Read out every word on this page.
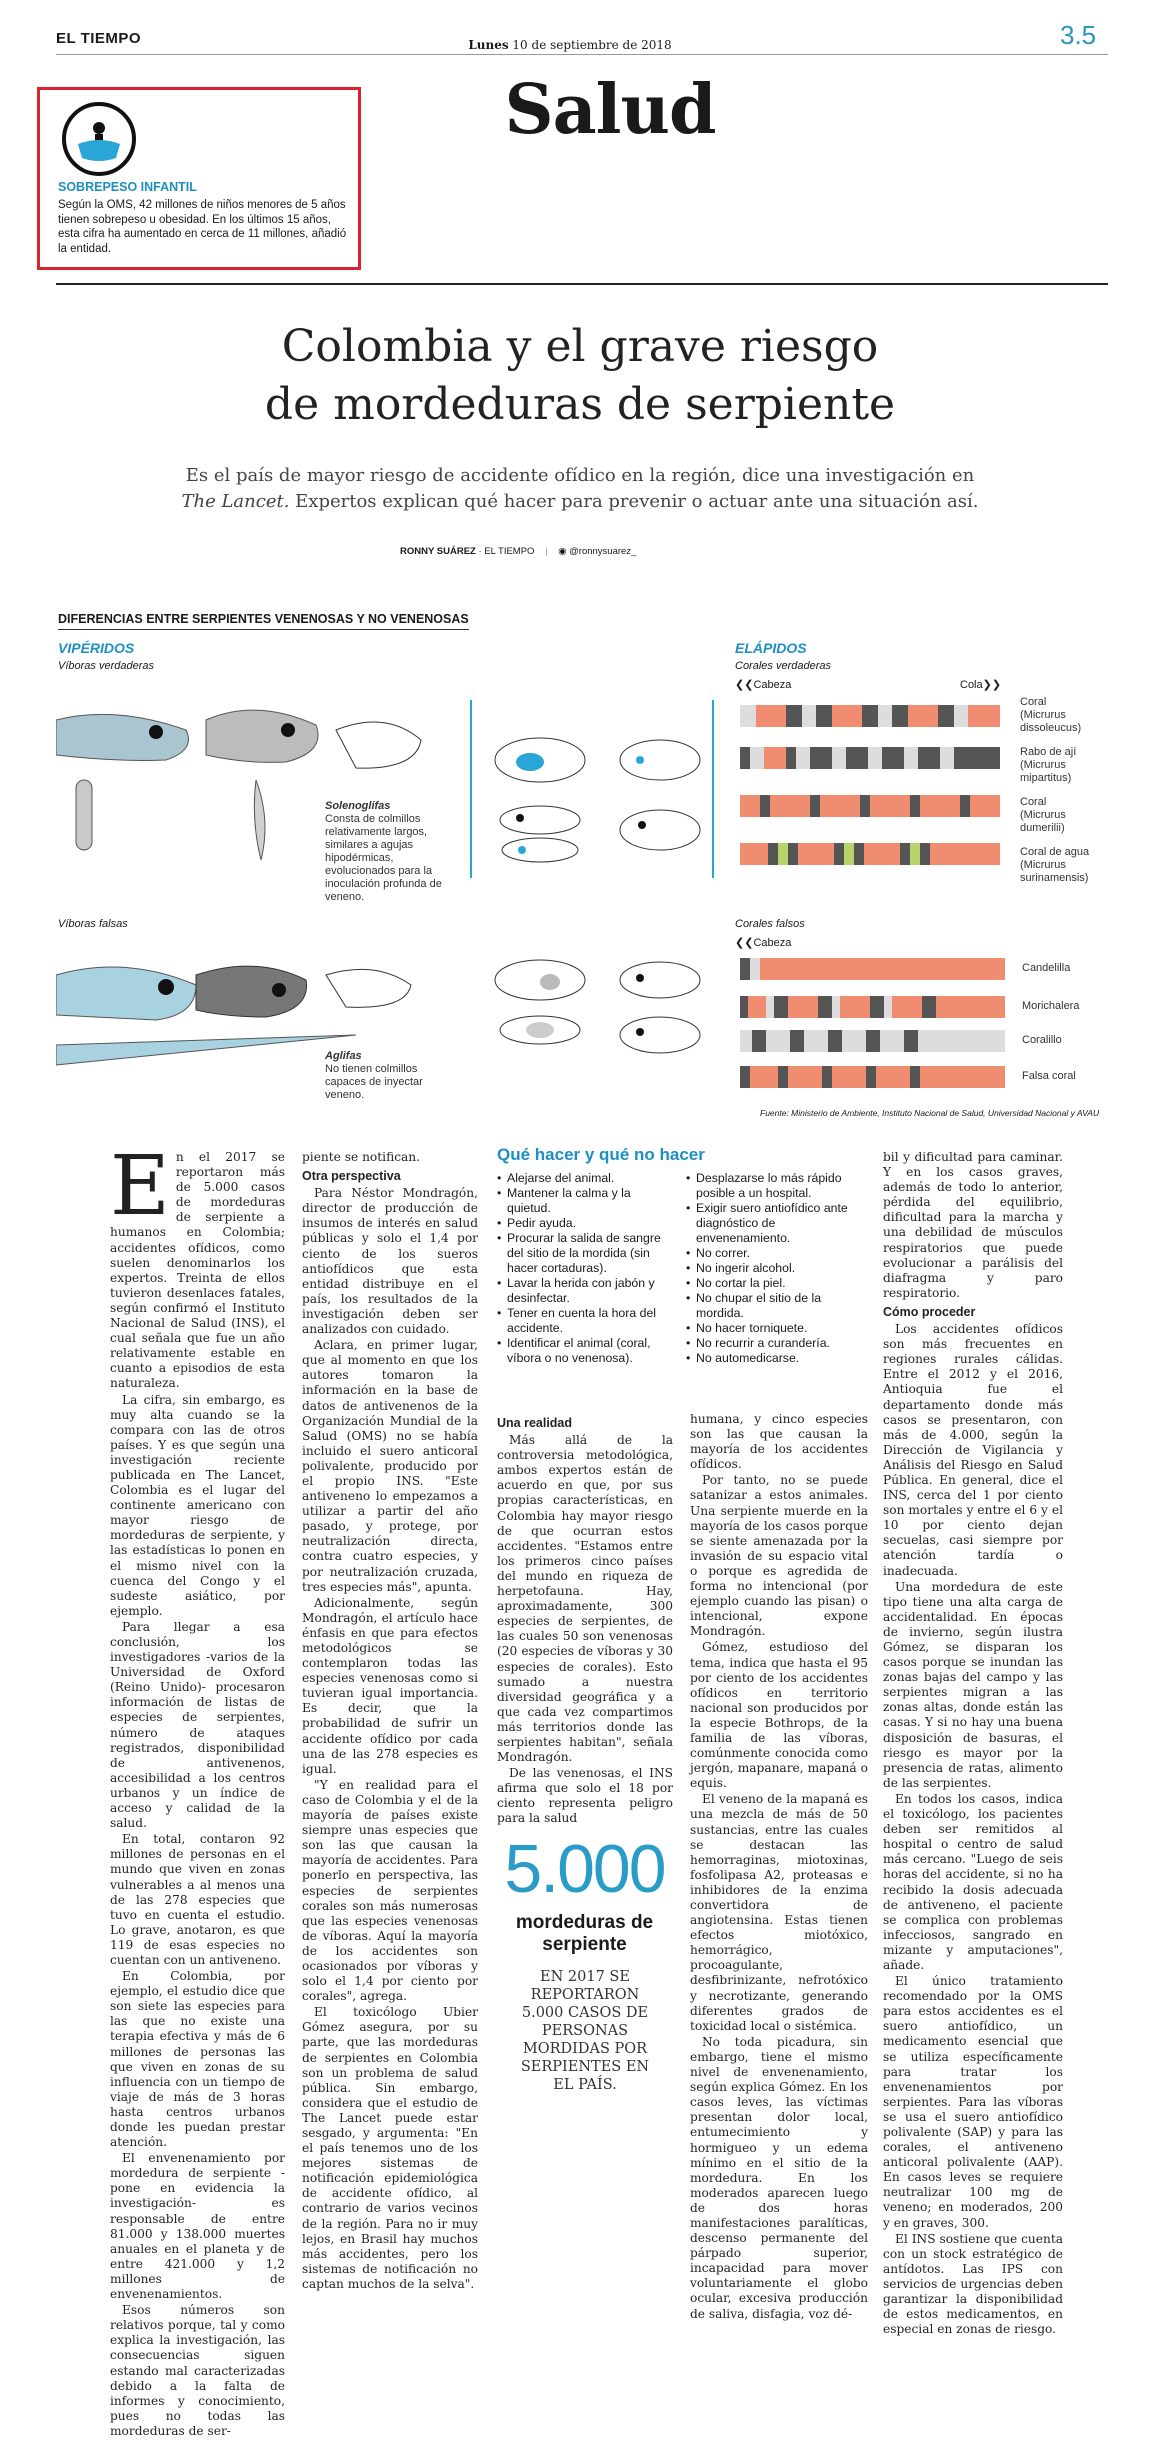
EL TIEMPO	Lunes 10 de septiembre de 2018	3.5
SOBREPESO INFANTIL
Según la OMS, 42 millones de niños menores de 5 años tienen sobrepeso u obesidad. En los últimos 15 años, esta cifra ha aumentado en cerca de 11 millones, añadió la entidad.
Salud
Colombia y el grave riesgo
de mordeduras de serpiente
Es el país de mayor riesgo de accidente ofídico en la región, dice una investigación en
The Lancet. Expertos explican qué hacer para prevenir o actuar ante una situación así.
RONNY SUÁREZ · EL TIEMPO | ◉ @ronnysuarez_
DIFERENCIAS ENTRE SERPIENTES VENENOSAS Y NO VENENOSAS
VIPÉRIDOS
Víboras verdaderas
Víboras falsas
Solenoglifas
Consta de colmillos relativamente largos, similares a agujas hipodérmicas, evolucionados para la inoculación profunda de veneno.
Aglifas
No tienen colmillos capaces de inyectar veneno.
ELÁPIDOS
Corales verdaderas
❮❮Cabeza	Cola❯❯
Coral
(Micrurus dissoleucus)
Rabo de ají
(Micrurus mipartitus)
Coral
(Micrurus dumerilii)
Coral de agua
(Micrurus surinamensis)
Corales falsos
❮❮Cabeza
Candelilla
Morichalera
Coralillo
Falsa coral
Fuente: Ministerio de Ambiente, Instituto Nacional de Salud, Universidad Nacional y AVAU
E n el 2017 se reportaron más de 5.000 casos de mordeduras de serpiente a humanos en Colombia; accidentes ofídicos, como suelen denominarlos los expertos. Treinta de ellos tuvieron desenlaces fatales, según confirmó el Instituto Nacional de Salud (INS), el cual señala que fue un año relativamente estable en cuanto a episodios de esta naturaleza.

La cifra, sin embargo, es muy alta cuando se la compara con las de otros países. Y es que según una investigación reciente publicada en The Lancet, Colombia es el lugar del continente americano con mayor riesgo de mordeduras de serpiente, y las estadísticas lo ponen en el mismo nivel con la cuenca del Congo y el sudeste asiático, por ejemplo.

Para llegar a esa conclusión, los investigadores -varios de la Universidad de Oxford (Reino Unido)- procesaron información de listas de especies de serpientes, número de ataques registrados, disponibilidad de antivenenos, accesibilidad a los centros urbanos y un índice de acceso y calidad de la salud.

En total, contaron 92 millones de personas en el mundo que viven en zonas vulnerables a al menos una de las 278 especies que tuvo en cuenta el estudio. Lo grave, anotaron, es que 119 de esas especies no cuentan con un antiveneno.

En Colombia, por ejemplo, el estudio dice que son siete las especies para las que no existe una terapia efectiva y más de 6 millones de personas las que viven en zonas de su influencia con un tiempo de viaje de más de 3 horas hasta centros urbanos donde les puedan prestar atención.

El envenenamiento por mordedura de serpiente -pone en evidencia la investigación- es responsable de entre 81.000 y 138.000 muertes anuales en el planeta y de entre 421.000 y 1,2 millones de envenenamientos.

Esos números son relativos porque, tal y como explica la investigación, las consecuencias siguen estando mal caracterizadas debido a la falta de informes y conocimiento, pues no todas las mordeduras de ser-

piente se notifican.

Otra perspectiva

Para Néstor Mondragón, director de producción de insumos de interés en salud públicas y solo el 1,4 por ciento de los sueros antiofídicos que esta entidad distribuye en el país, los resultados de la investigación deben ser analizados con cuidado.

Aclara, en primer lugar, que al momento en que los autores tomaron la información en la base de datos de antivenenos de la Organización Mundial de la Salud (OMS) no se había incluido el suero anticoral polivalente, producido por el propio INS. "Este antiveneno lo empezamos a utilizar a partir del año pasado, y protege, por neutralización directa, contra cuatro especies, y por neutralización cruzada, tres especies más", apunta.

Adicionalmente, según Mondragón, el artículo hace énfasis en que para efectos metodológicos se contemplaron todas las especies venenosas como si tuvieran igual importancia. Es decir, que la probabilidad de sufrir un accidente ofídico por cada una de las 278 especies es igual.

"Y en realidad para el caso de Colombia y el de la mayoría de países existe siempre unas especies que son las que causan la mayoría de accidentes. Para ponerlo en perspectiva, las especies de serpientes corales son más numerosas que las especies venenosas de víboras. Aquí la mayoría de los accidentes son ocasionados por víboras y solo el 1,4 por ciento por corales", agrega.

El toxicólogo Ubier Gómez asegura, por su parte, que las mordeduras de serpientes en Colombia son un problema de salud pública. Sin embargo, considera que el estudio de The Lancet puede estar sesgado, y argumenta: "En el país tenemos uno de los mejores sistemas de notificación epidemiológica de accidente ofídico, al contrario de varios vecinos de la región. Para no ir muy lejos, en Brasil hay muchos más accidentes, pero los sistemas de notificación no captan muchos de la selva".

Qué hacer y qué no hacer
• Alejarse del animal.
• Mantener la calma y la quietud.
• Pedir ayuda.
• Procurar la salida de sangre del sitio de la mordida (sin hacer cortaduras).
• Lavar la herida con jabón y desinfectar.
• Tener en cuenta la hora del accidente.
• Identificar el animal (coral, víbora o no venenosa).
• Desplazarse lo más rápido posible a un hospital.
• Exigir suero antiofídico ante diagnóstico de envenenamiento.
• No correr.
• No ingerir alcohol.
• No cortar la piel.
• No chupar el sitio de la mordida.
• No hacer torniquete.
• No recurrir a curandería.
• No automedicarse.
Una realidad

Más allá de la controversia metodológica, ambos expertos están de acuerdo en que, por sus propias características, en Colombia hay mayor riesgo de que ocurran estos accidentes. "Estamos entre los primeros cinco países del mundo en riqueza de herpetofauna. Hay, aproximadamente, 300 especies de serpientes, de las cuales 50 son venenosas (20 especies de víboras y 30 especies de corales). Esto sumado a nuestra diversidad geográfica y a que cada vez compartimos más territorios donde las serpientes habitan", señala Mondragón.

De las venenosas, el INS afirma que solo el 18 por ciento representa peligro para la salud

5.000
mordeduras de serpiente
EN 2017 SE REPORTARON 5.000 CASOS DE PERSONAS MORDIDAS POR SERPIENTES EN EL PAÍS.

humana, y cinco especies son las que causan la mayoría de los accidentes ofídicos.

Por tanto, no se puede satanizar a estos animales. Una serpiente muerde en la mayoría de los casos porque se siente amenazada por la invasión de su espacio vital o porque es agredida de forma no intencional (por ejemplo cuando las pisan) o intencional, expone Mondragón.

Gómez, estudioso del tema, indica que hasta el 95 por ciento de los accidentes ofídicos en territorio nacional son producidos por la especie Bothrops, de la familia de las víboras, comúnmente conocida como jergón, mapanare, mapaná o equis.

El veneno de la mapaná es una mezcla de más de 50 sustancias, entre las cuales se destacan las hemorraginas, miotoxinas, fosfolipasa A2, proteasas e inhibidores de la enzima convertidora de angiotensina. Estas tienen efectos miotóxico, hemorrágico, procoagulante, desfibrinizante, nefrotóxico y necrotizante, generando diferentes grados de toxicidad local o sistémica.

No toda picadura, sin embargo, tiene el mismo nivel de envenenamiento, según explica Gómez. En los casos leves, las víctimas presentan dolor local, entumecimiento y hormigueo y un edema mínimo en el sitio de la mordedura. En los moderados aparecen luego de dos horas manifestaciones paralíticas, descenso permanente del párpado superior, incapacidad para mover voluntariamente el globo ocular, excesiva producción de saliva, disfagia, voz dé-

bil y dificultad para caminar. Y en los casos graves, además de todo lo anterior, pérdida del equilibrio, dificultad para la marcha y una debilidad de músculos respiratorios que puede evolucionar a parálisis del diafragma y paro respiratorio.

Cómo proceder

Los accidentes ofídicos son más frecuentes en regiones rurales cálidas. Entre el 2012 y el 2016, Antioquia fue el departamento donde más casos se presentaron, con más de 4.000, según la Dirección de Vigilancia y Análisis del Riesgo en Salud Pública. En general, dice el INS, cerca del 1 por ciento son mortales y entre el 6 y el 10 por ciento dejan secuelas, casi siempre por atención tardía o inadecuada.

Una mordedura de este tipo tiene una alta carga de accidentalidad. En épocas de invierno, según ilustra Gómez, se disparan los casos porque se inundan las zonas bajas del campo y las serpientes migran a las zonas altas, donde están las casas. Y si no hay una buena disposición de basuras, el riesgo es mayor por la presencia de ratas, alimento de las serpientes.

En todos los casos, indica el toxicólogo, los pacientes deben ser remitidos al hospital o centro de salud más cercano. "Luego de seis horas del accidente, si no ha recibido la dosis adecuada de antiveneno, el paciente se complica con problemas infecciosos, sangrado en mizante y amputaciones", añade.

El único tratamiento recomendado por la OMS para estos accidentes es el suero antiofídico, un medicamento esencial que se utiliza específicamente para tratar los envenenamientos por serpientes. Para las víboras se usa el suero antiofídico polivalente (SAP) y para las corales, el antiveneno anticoral polivalente (AAP). En casos leves se requiere neutralizar 100 mg de veneno; en moderados, 200 y en graves, 300.

El INS sostiene que cuenta con un stock estratégico de antídotos. Las IPS con servicios de urgencias deben garantizar la disponibilidad de estos medicamentos, en especial en zonas de riesgo.
